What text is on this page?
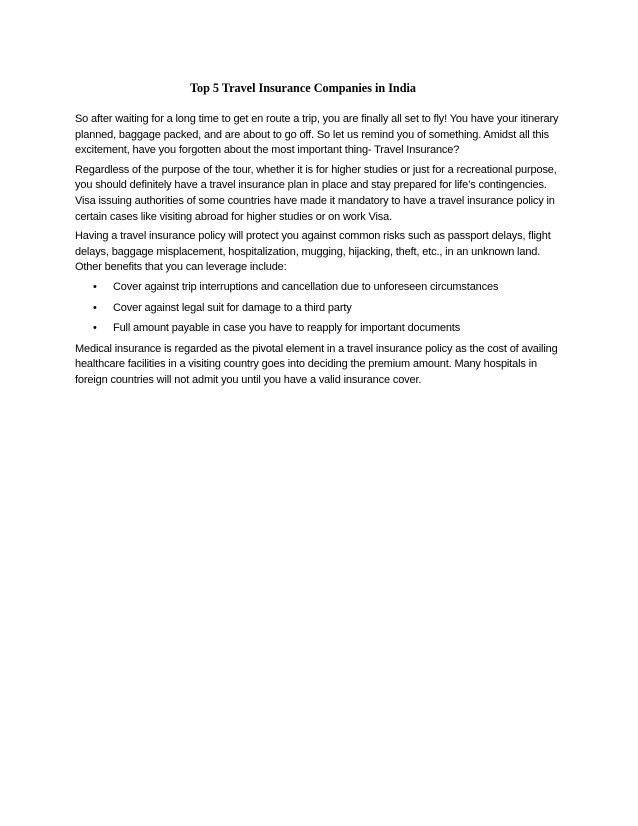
Top 5 Travel Insurance Companies in India

So after waiting for a long time to get en route a trip, you are finally all set to fly! You have your itinerary planned, baggage packed, and are about to go off. So let us remind you of something. Amidst all this excitement, have you forgotten about the most important thing- Travel Insurance?

Regardless of the purpose of the tour, whether it is for higher studies or just for a recreational purpose, you should definitely have a travel insurance plan in place and stay prepared for life’s contingencies. Visa issuing authorities of some countries have made it mandatory to have a travel insurance policy in certain cases like visiting abroad for higher studies or on work Visa.

Having a travel insurance policy will protect you against common risks such as passport delays, flight delays, baggage misplacement, hospitalization, mugging, hijacking, theft, etc., in an unknown land. Other benefits that you can leverage include:

• Cover against trip interruptions and cancellation due to unforeseen circumstances
• Cover against legal suit for damage to a third party
• Full amount payable in case you have to reapply for important documents

Medical insurance is regarded as the pivotal element in a travel insurance policy as the cost of availing healthcare facilities in a visiting country goes into deciding the premium amount. Many hospitals in foreign countries will not admit you until you have a valid insurance cover.
